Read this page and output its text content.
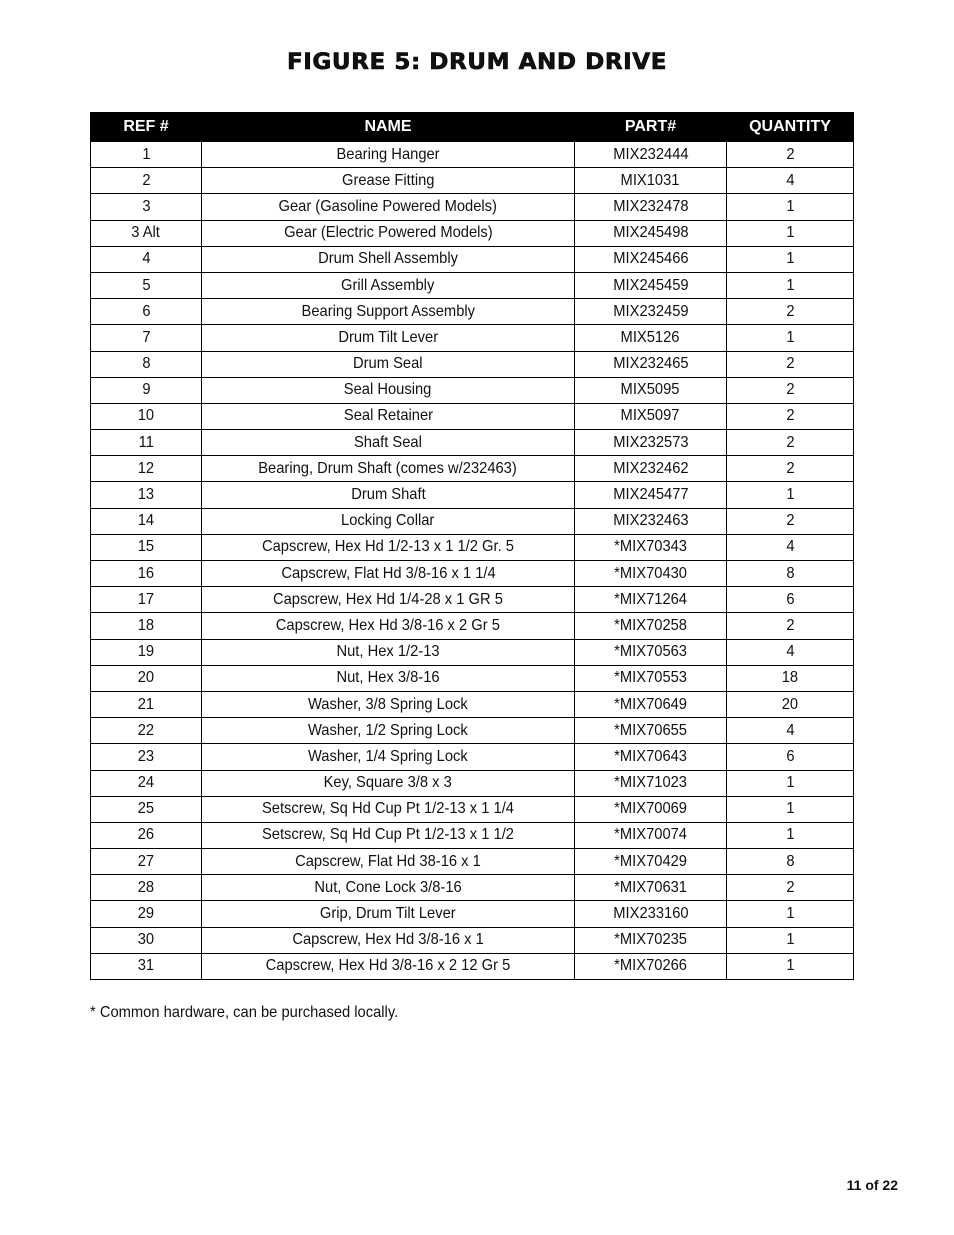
FIGURE 5: DRUM AND DRIVE
REF #	NAME	PART#	QUANTITY
1	Bearing Hanger	MIX232444	2
2	Grease Fitting	MIX1031	4
3	Gear (Gasoline Powered Models)	MIX232478	1
3 Alt	Gear (Electric Powered Models)	MIX245498	1
4	Drum Shell Assembly	MIX245466	1
5	Grill Assembly	MIX245459	1
6	Bearing Support Assembly	MIX232459	2
7	Drum Tilt Lever	MIX5126	1
8	Drum Seal	MIX232465	2
9	Seal Housing	MIX5095	2
10	Seal Retainer	MIX5097	2
11	Shaft Seal	MIX232573	2
12	Bearing, Drum Shaft (comes w/232463)	MIX232462	2
13	Drum Shaft	MIX245477	1
14	Locking Collar	MIX232463	2
15	Capscrew, Hex Hd 1/2-13 x 1 1/2 Gr. 5	*MIX70343	4
16	Capscrew, Flat Hd 3/8-16 x 1 1/4	*MIX70430	8
17	Capscrew, Hex Hd 1/4-28 x 1 GR 5	*MIX71264	6
18	Capscrew, Hex Hd 3/8-16 x 2 Gr 5	*MIX70258	2
19	Nut, Hex 1/2-13	*MIX70563	4
20	Nut, Hex 3/8-16	*MIX70553	18
21	Washer, 3/8 Spring Lock	*MIX70649	20
22	Washer, 1/2 Spring Lock	*MIX70655	4
23	Washer, 1/4 Spring Lock	*MIX70643	6
24	Key, Square 3/8 x 3	*MIX71023	1
25	Setscrew, Sq Hd Cup Pt 1/2-13 x 1 1/4	*MIX70069	1
26	Setscrew, Sq Hd Cup Pt 1/2-13 x 1 1/2	*MIX70074	1
27	Capscrew, Flat Hd 38-16 x 1	*MIX70429	8
28	Nut, Cone Lock 3/8-16	*MIX70631	2
29	Grip, Drum Tilt Lever	MIX233160	1
30	Capscrew, Hex Hd 3/8-16 x 1	*MIX70235	1
31	Capscrew, Hex Hd 3/8-16 x 2 12 Gr 5	*MIX70266	1
* Common hardware, can be purchased locally.
11 of 22
